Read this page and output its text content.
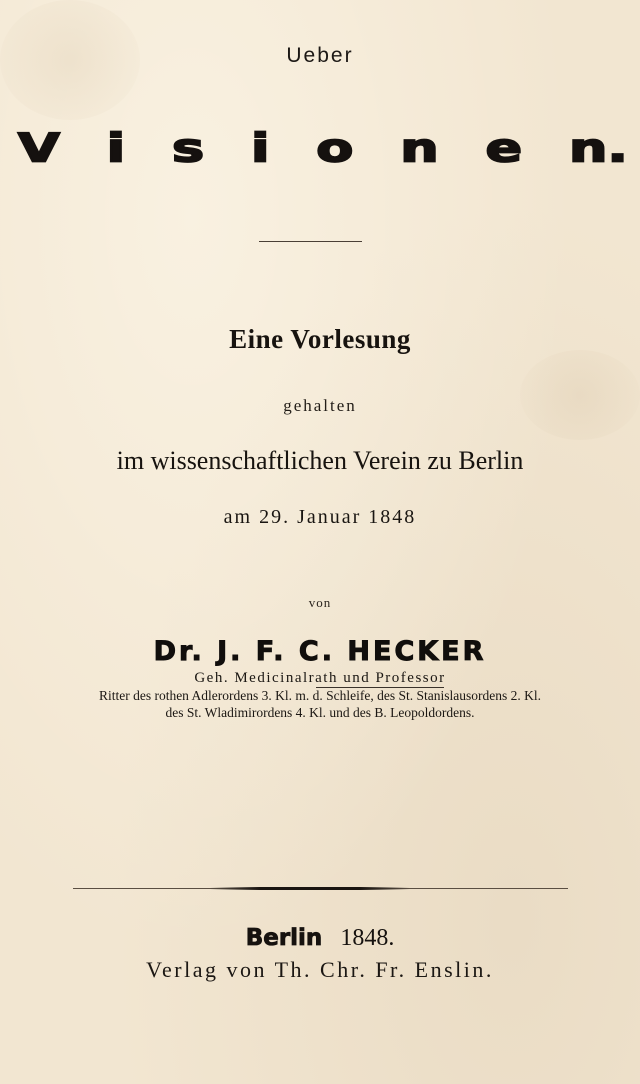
Ueber
V i s i o n e n.
Eine Vorlesung
gehalten
im wissenschaftlichen Verein zu Berlin
am 29. Januar 1848
von
Dr. J. F. C. HECKER
Geh. Medicinalrath und Professor
Ritter des rothen Adlerordens 3. Kl. m. d. Schleife, des St. Stanislausordens 2. Kl.
des St. Wladimirordens 4. Kl. und des B. Leopoldordens.
Berlin 1848.
Verlag von Th. Chr. Fr. Enslin.
